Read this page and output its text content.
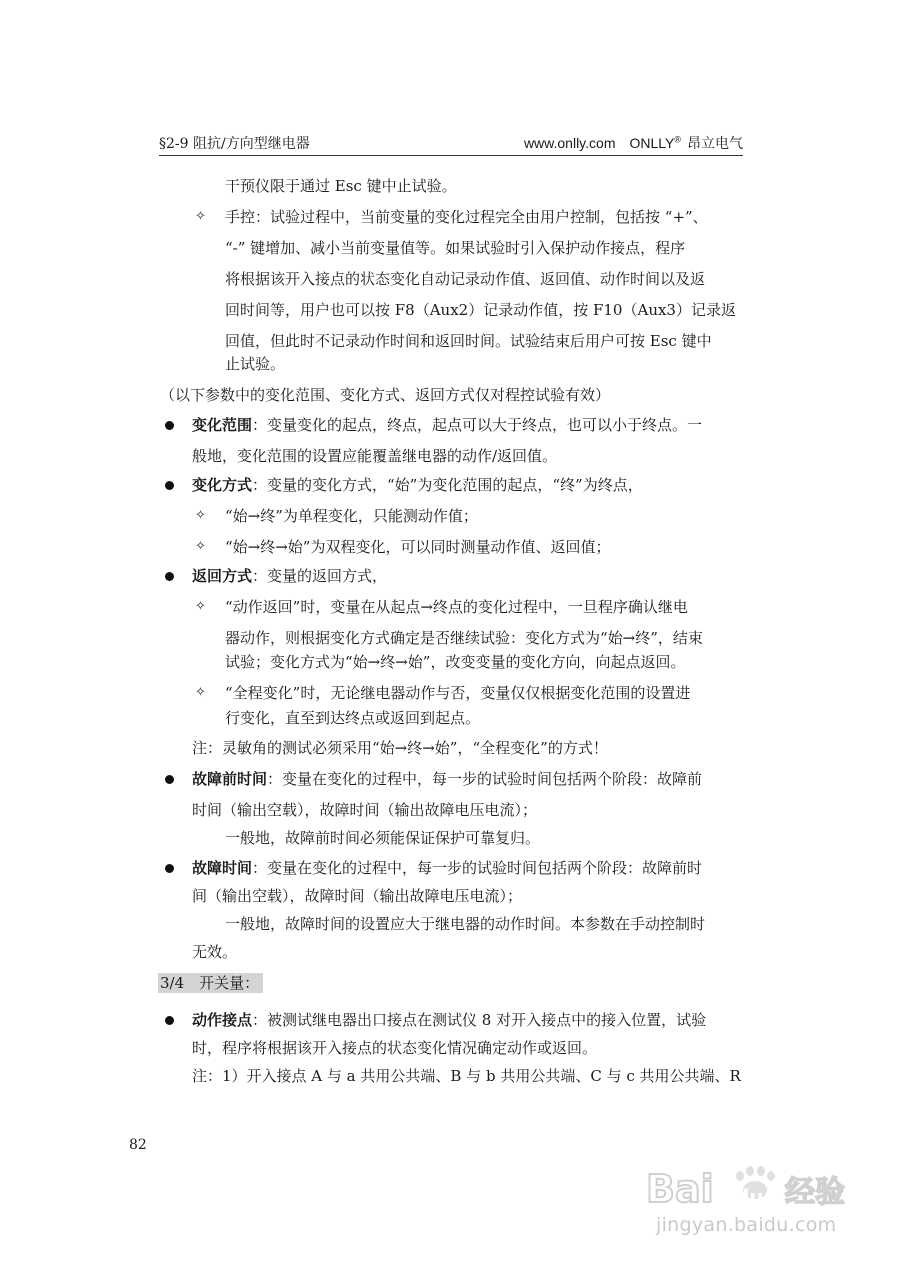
§2-9 阻抗/方向型继电器	www.onlly.com ONLLY® 昂立电气
干预仪限于通过 Esc 键中止试验。
✧ 手控：试验过程中，当前变量的变化过程完全由用户控制，包括按 “+”、
“-” 键增加、减小当前变量值等。如果试验时引入保护动作接点，程序
将根据该开入接点的状态变化自动记录动作值、返回值、动作时间以及返
回时间等，用户也可以按 F8（Aux2）记录动作值，按 F10（Aux3）记录返
回值，但此时不记录动作时间和返回时间。试验结束后用户可按 Esc 键中
止试验。
（以下参数中的变化范围、变化方式、返回方式仅对程控试验有效）
变化范围：变量变化的起点，终点，起点可以大于终点，也可以小于终点。一
般地，变化范围的设置应能覆盖继电器的动作/返回值。
变化方式：变量的变化方式，“始”为变化范围的起点，“终”为终点，
✧ “始→终”为单程变化，只能测动作值；
✧ “始→终→始”为双程变化，可以同时测量动作值、返回值；
返回方式：变量的返回方式，
✧ “动作返回”时，变量在从起点→终点的变化过程中，一旦程序确认继电
器动作，则根据变化方式确定是否继续试验：变化方式为“始→终”，结束
试验；变化方式为“始→终→始”，改变变量的变化方向，向起点返回。
✧ “全程变化”时，无论继电器动作与否，变量仅仅根据变化范围的设置进
行变化，直至到达终点或返回到起点。
注：灵敏角的测试必须采用“始→终→始”，“全程变化”的方式！
故障前时间：变量在变化的过程中，每一步的试验时间包括两个阶段：故障前
时间（输出空载），故障时间（输出故障电压电流）；
一般地，故障前时间必须能保证保护可靠复归。
故障时间：变量在变化的过程中，每一步的试验时间包括两个阶段：故障前时
间（输出空载），故障时间（输出故障电压电流）；
一般地，故障时间的设置应大于继电器的动作时间。本参数在手动控制时
无效。
3/4　开关量：
动作接点：被测试继电器出口接点在测试仪 8 对开入接点中的接入位置，试验
时，程序将根据该开入接点的状态变化情况确定动作或返回。
注：1）开入接点 A 与 a 共用公共端、B 与 b 共用公共端、C 与 c 共用公共端、R
82
Bai du 经验
jingyan.baidu.com
